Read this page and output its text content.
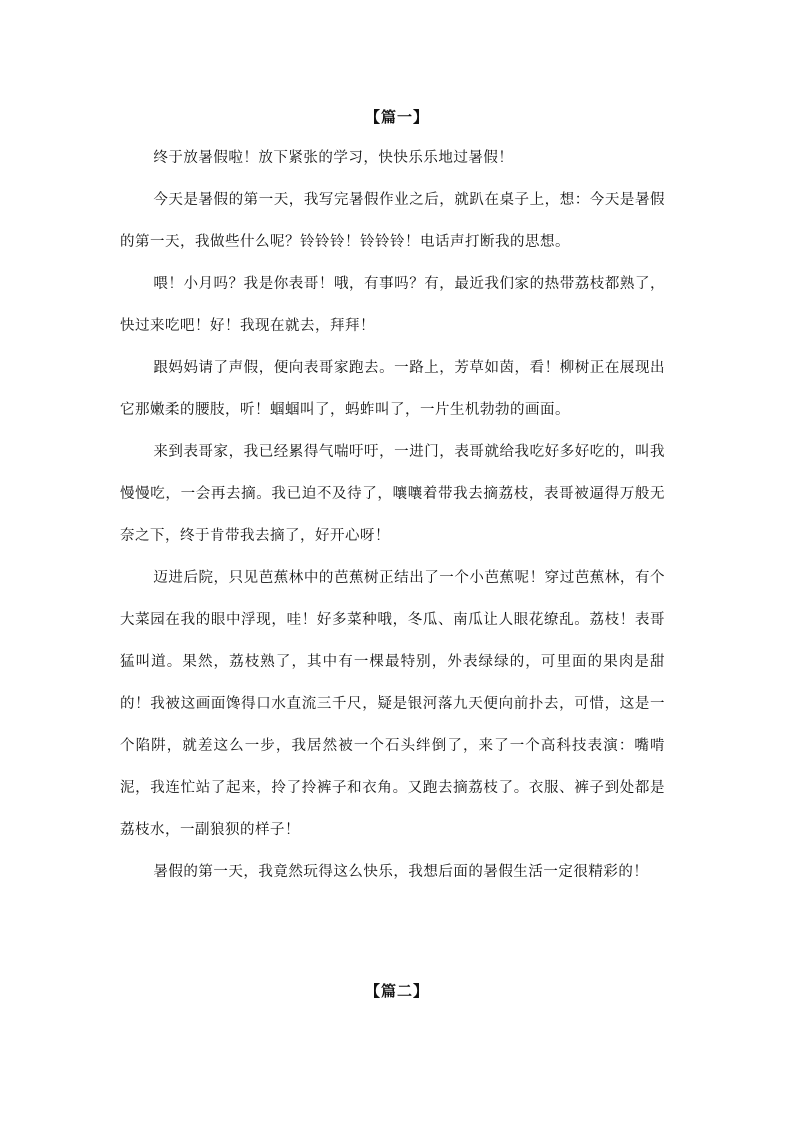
【篇一】

终于放暑假啦！放下紧张的学习，快快乐乐地过暑假！

今天是暑假的第一天，我写完暑假作业之后，就趴在桌子上，想：今天是暑假的第一天，我做些什么呢？铃铃铃！铃铃铃！电话声打断我的思想。

喂！小月吗？我是你表哥！哦，有事吗？有，最近我们家的热带荔枝都熟了，快过来吃吧！好！我现在就去，拜拜！

跟妈妈请了声假，便向表哥家跑去。一路上，芳草如茵，看！柳树正在展现出它那嫩柔的腰肢，听！蝈蝈叫了，蚂蚱叫了，一片生机勃勃的画面。

来到表哥家，我已经累得气喘吁吁，一进门，表哥就给我吃好多好吃的，叫我慢慢吃，一会再去摘。我已迫不及待了，嚷嚷着带我去摘荔枝，表哥被逼得万般无奈之下，终于肯带我去摘了，好开心呀！

迈进后院，只见芭蕉林中的芭蕉树正结出了一个小芭蕉呢！穿过芭蕉林，有个大菜园在我的眼中浮现，哇！好多菜种哦，冬瓜、南瓜让人眼花缭乱。荔枝！表哥猛叫道。果然，荔枝熟了，其中有一棵最特别，外表绿绿的，可里面的果肉是甜的！我被这画面馋得口水直流三千尺，疑是银河落九天便向前扑去，可惜，这是一个陷阱，就差这么一步，我居然被一个石头绊倒了，来了一个高科技表演：嘴啃泥，我连忙站了起来，拎了拎裤子和衣角。又跑去摘荔枝了。衣服、裤子到处都是荔枝水，一副狼狈的样子！

暑假的第一天，我竟然玩得这么快乐，我想后面的暑假生活一定很精彩的！

【篇二】
